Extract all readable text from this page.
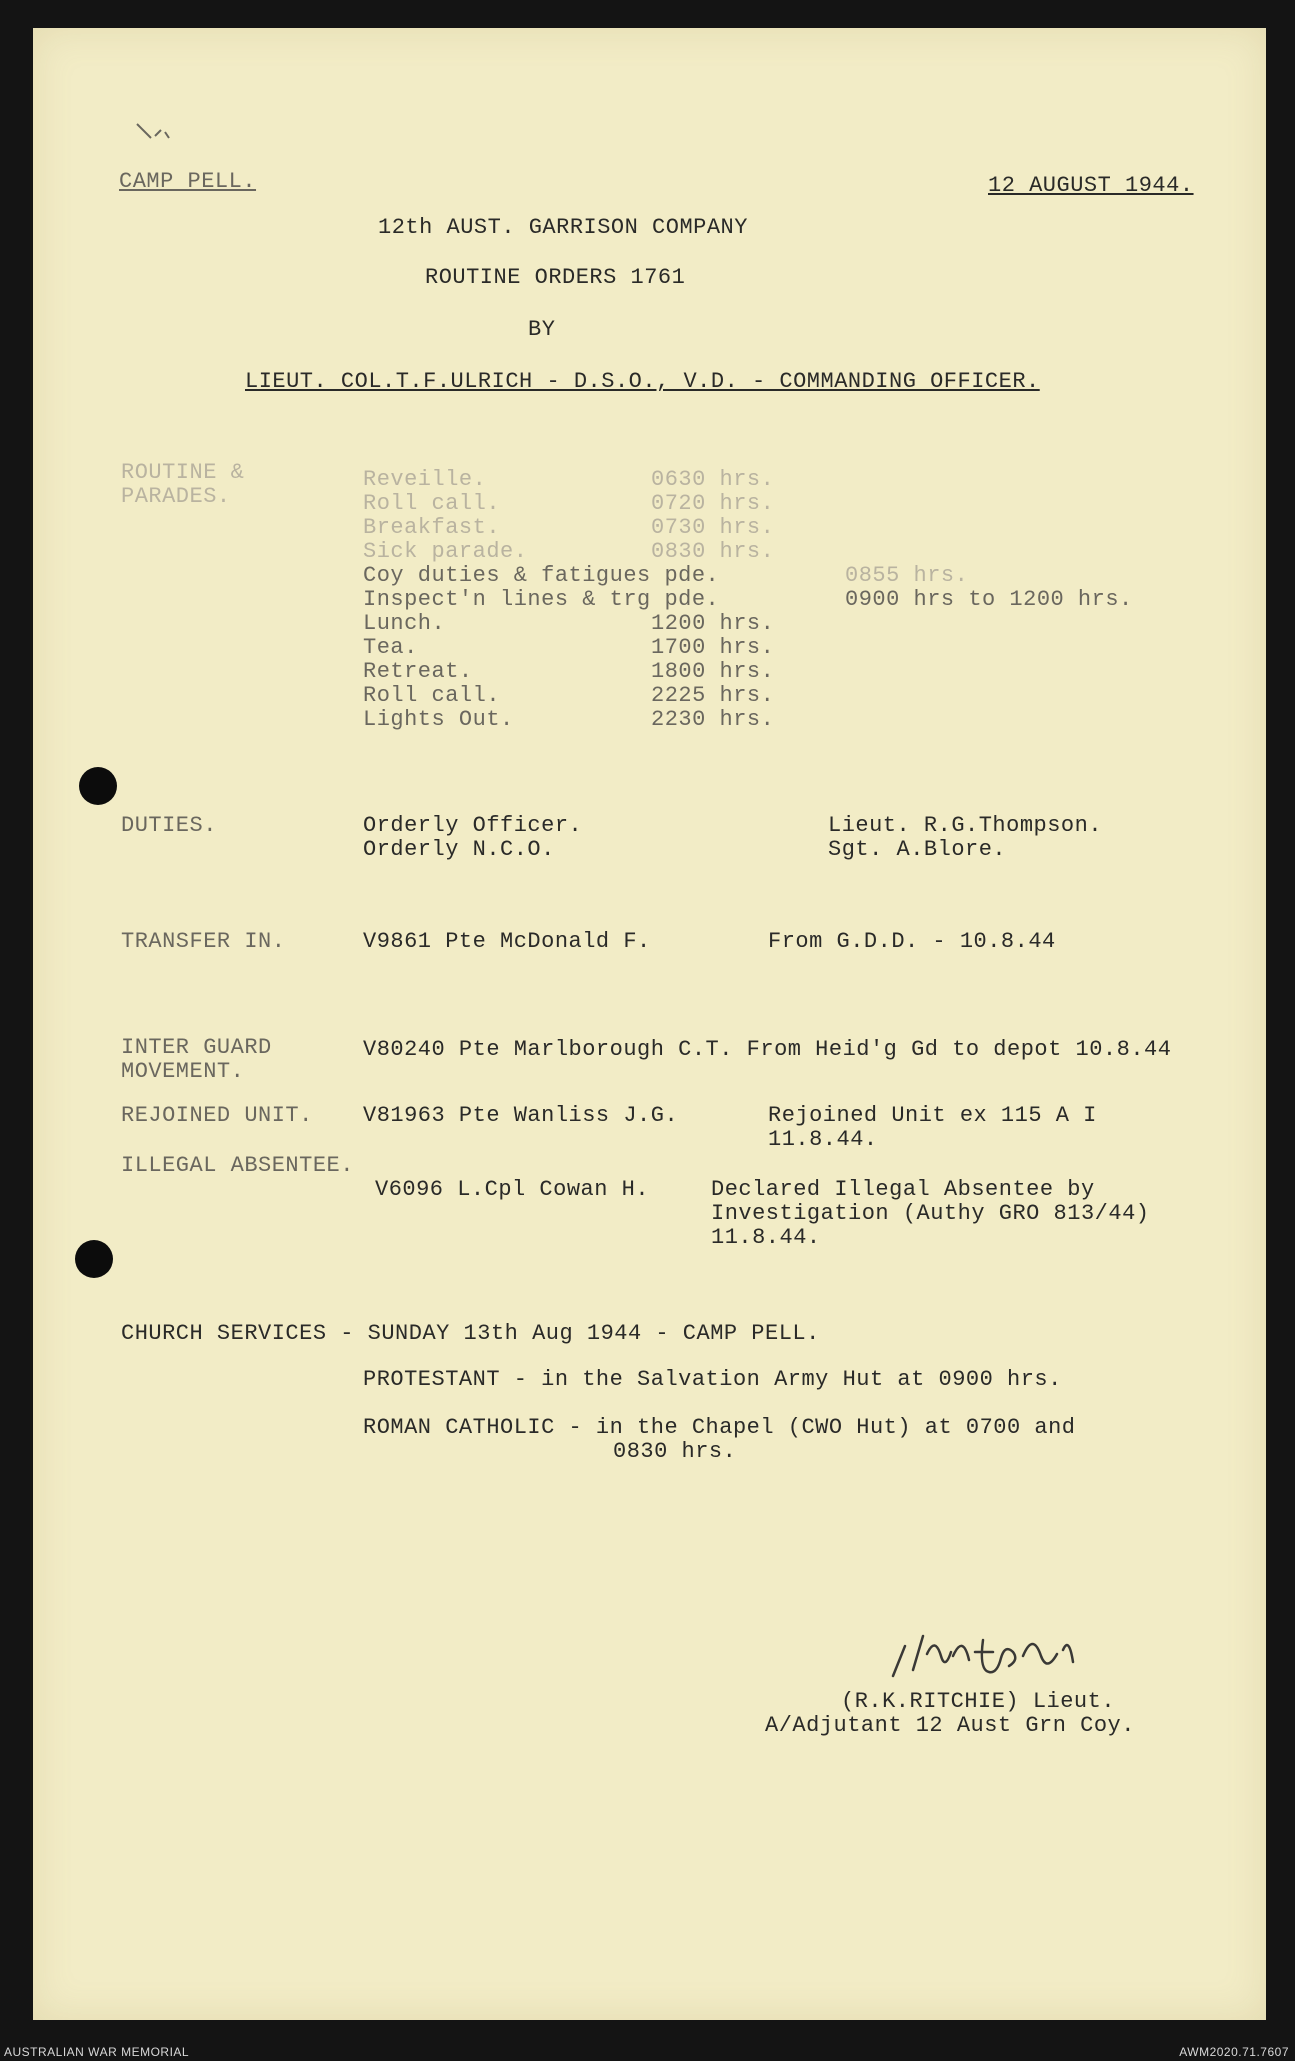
CAMP PELL.	12 AUGUST 1944.
12th AUST. GARRISON COMPANY
ROUTINE ORDERS 1761
BY
LIEUT. COL.T.F.ULRICH - D.S.O., V.D. - COMMANDING OFFICER.
ROUTINE &
PARADES.
Reveille.	0630 hrs.
Roll call.	0720 hrs.
Breakfast.	0730 hrs.
Sick parade.	0830 hrs.
Coy duties & fatigues pde.	0855 hrs.
Inspect'n lines & trg pde.	0900 hrs to 1200 hrs.
Lunch.	1200 hrs.
Tea.	1700 hrs.
Retreat.	1800 hrs.
Roll call.	2225 hrs.
Lights Out.	2230 hrs.
DUTIES.	Orderly Officer.	Lieut. R.G.Thompson.
Orderly N.C.O.	Sgt. A.Blore.
TRANSFER IN.	V9861 Pte McDonald F.	From G.D.D. - 10.8.44
INTER GUARD
MOVEMENT.
V80240 Pte Marlborough C.T. From Heid'g Gd to depot 10.8.44
REJOINED UNIT. V81963 Pte Wanliss J.G.	Rejoined Unit ex 115 A I
11.8.44.
ILLEGAL ABSENTEE.
V6096 L.Cpl Cowan H.	Declared Illegal Absentee by
Investigation (Authy GRO 813/44)
11.8.44.
CHURCH SERVICES - SUNDAY 13th Aug 1944 - CAMP PELL.
PROTESTANT - in the Salvation Army Hut at 0900 hrs.
ROMAN CATHOLIC - in the Chapel (CWO Hut) at 0700 and
0830 hrs.
(R.K.RITCHIE) Lieut.
A/Adjutant 12 Aust Grn Coy.
AUSTRALIAN WAR MEMORIAL	AWM2020.71.7607
